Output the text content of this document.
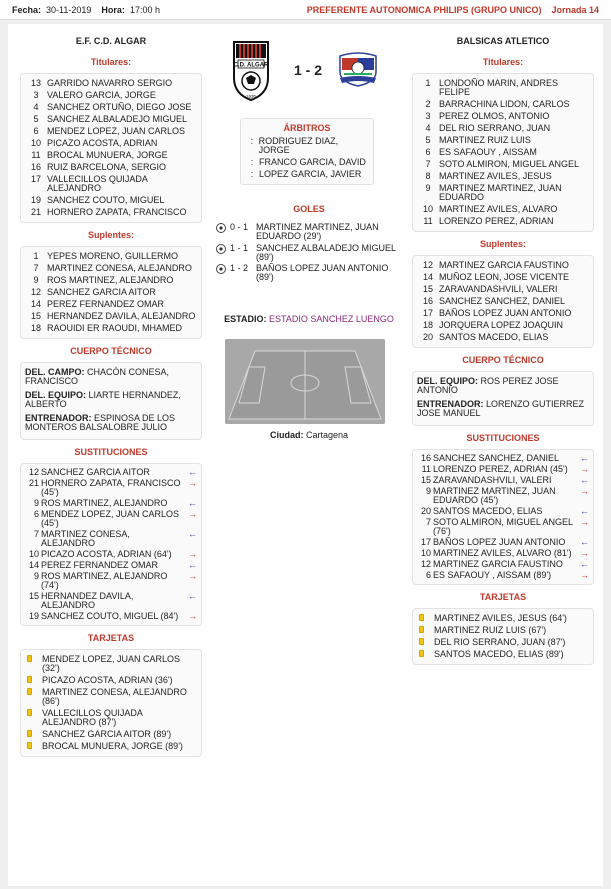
Fecha: 30-11-2019 Hora: 17:00 h	PREFERENTE AUTONOMICA PHILIPS (GRUPO UNICO) Jornada 14
E.F. C.D. ALGAR
Titulares:
13 GARRIDO NAVARRO SERGIO
3 VALERO GARCIA, JORGE
4 SANCHEZ ORTUÑO, DIEGO JOSE
5 SANCHEZ ALBALADEJO MIGUEL
6 MENDEZ LOPEZ, JUAN CARLOS
10 PICAZO ACOSTA, ADRIAN
11 BROCAL MUNUERA, JORGE
16 RUIZ BARCELONA, SERGIO
17 VALLECILLOS QUIJADA ALEJANDRO
19 SANCHEZ COUTO, MIGUEL
21 HORNERO ZAPATA, FRANCISCO
Suplentes:
1 YEPES MORENO, GUILLERMO
7 MARTINEZ CONESA, ALEJANDRO
9 ROS MARTINEZ, ALEJANDRO
12 SANCHEZ GARCIA AITOR
14 PEREZ FERNANDEZ OMAR
15 HERNANDEZ DAVILA, ALEJANDRO
18 RAOUIDI ER RAOUDI, MHAMED
CUERPO TÉCNICO

DEL. CAMPO: CHACÓN CONESA, FRANCISCO

DEL. EQUIPO: LIARTE HERNANDEZ, ALBERTO

ENTRENADOR: ESPINOSA DE LOS MONTEROS BALSALOBRE JULIO

SUSTITUCIONES
12 SANCHEZ GARCIA AITOR	←
21 HORNERO ZAPATA, FRANCISCO (45')
→
9 ROS MARTINEZ, ALEJANDRO	←
6 MENDEZ LOPEZ, JUAN CARLOS (45')
→
7 MARTINEZ CONESA, ALEJANDRO
←
10 PICAZO ACOSTA, ADRIAN (64')	→
14 PEREZ FERNANDEZ OMAR	←
9 ROS MARTINEZ, ALEJANDRO (74')
→
15 HERNANDEZ DAVILA, ALEJANDRO
←
19 SANCHEZ COUTO, MIGUEL (84')	→
TARJETAS
MENDEZ LOPEZ, JUAN CARLOS (32')
PICAZO ACOSTA, ADRIAN (36')
MARTINEZ CONESA, ALEJANDRO (86')
VALLECILLOS QUIJADA ALEJANDRO (87')
SANCHEZ GARCIA AITOR (89')
BROCAL MUNUERA, JORGE (89')
BALSICAS ATLETICO
Titulares:
1 LONDOÑO MARIN, ANDRES FELIPE
2 BARRACHINA LIDON, CARLOS
3 PEREZ OLMOS, ANTONIO
4 DEL RIO SERRANO, JUAN
5 MARTINEZ RUIZ LUIS
6 ES SAFAOUY , AISSAM
7 SOTO ALMIRON, MIGUEL ANGEL
8 MARTINEZ AVILES, JESUS
9 MARTINEZ MARTINEZ, JUAN EDUARDO
10 MARTINEZ AVILES, ALVARO
11 LORENZO PEREZ, ADRIAN
Suplentes:
12 MARTINEZ GARCIA FAUSTINO
14 MUÑOZ LEON, JOSE VICENTE
15 ZARAVANDASHVILI, VALERI
16 SANCHEZ SANCHEZ, DANIEL
17 BAÑOS LOPEZ JUAN ANTONIO
18 JORQUERA LOPEZ JOAQUIN
20 SANTOS MACEDO, ELIAS
CUERPO TÉCNICO

DEL. EQUIPO: ROS PEREZ JOSE ANTONIO

ENTRENADOR: LORENZO GUTIERREZ JOSE MANUEL

SUSTITUCIONES
16 SANCHEZ SANCHEZ, DANIEL	←
11 LORENZO PEREZ, ADRIAN (45')	→
15 ZARAVANDASHVILI, VALERI	←
9 MARTINEZ MARTINEZ, JUAN EDUARDO (45')
→
20 SANTOS MACEDO, ELIAS	←
7 SOTO ALMIRON, MIGUEL ANGEL (76')
→
17 BAÑOS LOPEZ JUAN ANTONIO	←
10 MARTINEZ AVILES, ALVARO (81') →
12 MARTINEZ GARCIA FAUSTINO	←
6 ES SAFAOUY , AISSAM (89')	→
TARJETAS
MARTINEZ AVILES, JESUS (64')
MARTINEZ RUIZ LUIS (67')
DEL RIO SERRANO, JUAN (87')
SANTOS MACEDO, ELIAS (89')
C.D. ALGAR
1930
1 - 2
ÁRBITROS
: RODRIGUEZ DIAZ, JORGE
: FRANCO GARCIA, DAVID
: LOPEZ GARCIA, JAVIER
GOLES
0 - 1 MARTINEZ MARTINEZ, JUAN EDUARDO (29')
1 - 1 SANCHEZ ALBALADEJO MIGUEL (89')
1 - 2 BAÑOS LOPEZ JUAN ANTONIO (89')
ESTADIO: ESTADIO SANCHEZ LUENGO
Ciudad: Cartagena
